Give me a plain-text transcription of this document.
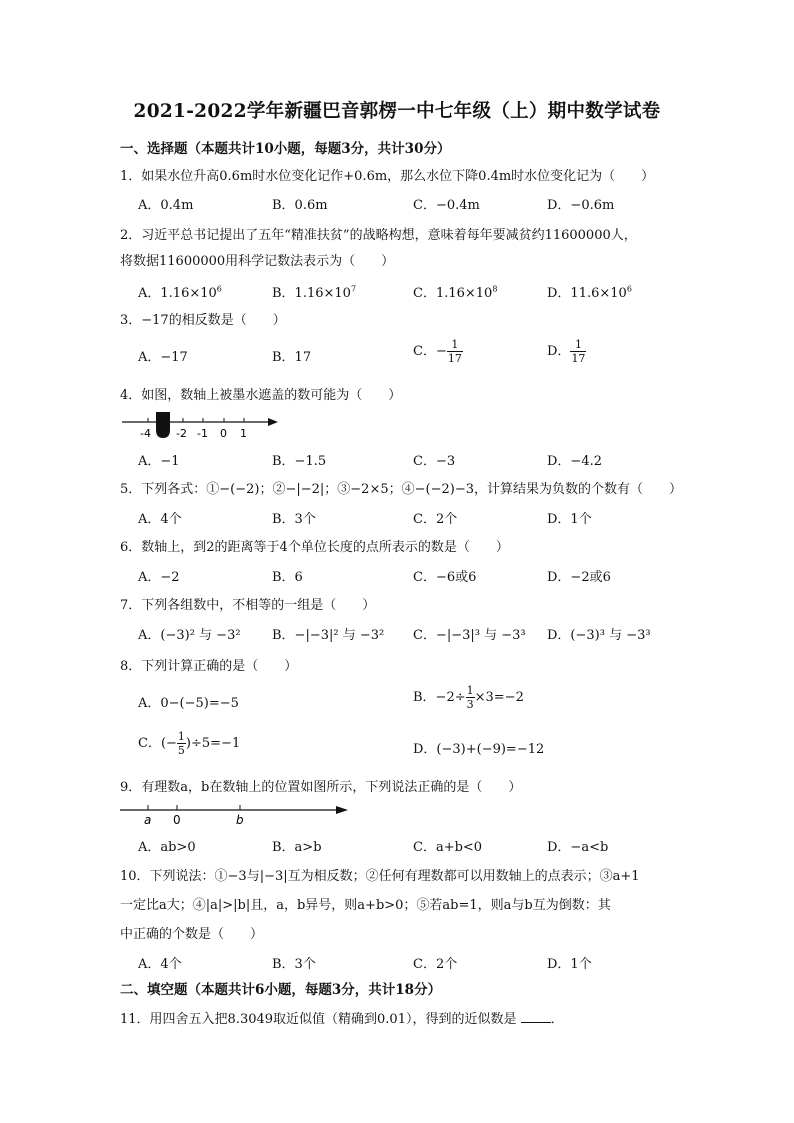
2021-2022学年新疆巴音郭楞一中七年级（上）期中数学试卷
一、选择题（本题共计10小题，每题3分，共计30分）
1．如果水位升高0.6m时水位变化记作+0.6m，那么水位下降0.4m时水位变化记为（　　）
A．0.4m	B．0.6m	C．−0.4m	D．−0.6m
2．习近平总书记提出了五年“精准扶贫”的战略构想，意味着每年要减贫约11600000人，
将数据11600000用科学记数法表示为（　　）
A．$1.16\times 10^6$	B．$1.16\times 10^7$	C．$1.16\times 10^8$	D．$11.6\times 10^6$
3．−17的相反数是（　　）
A．−17	B．17	C．− $\frac{1}{17}$	D． $\frac{1}{17}$
4．如图，数轴上被墨水遮盖的数可能为（　　）
-4 -2 -1 0 1
A．−1	B．−1.5	C．−3	D．−4.2
5．下列各式：①−(−2)；②−|−2|；③−2×5；④−(−2)−3，计算结果为负数的个数有（　　）
A．4个	B．3个	C．2个	D．1个
6．数轴上，到2的距离等于4个单位长度的点所表示的数是（　　）
A．−2	B．6	C．−6或6	D．−2或6
7．下列各组数中，不相等的一组是（　　）
A．(−3)² 与 −3² B．−|−3|² 与 −3² C．−|−3|³ 与 −3³ D．(−3)³ 与 −3³
8．下列计算正确的是（　　）
A．0−(−5)=−5	B．$-2\div \frac{1}{3} \times 3=-2$
C．(− $\frac{1}{5} )\div 5=-1$	D．(−3)+(−9)=−12
9．有理数a，b在数轴上的位置如图所示，下列说法正确的是（　　）
a 0	b
A．ab>0	B．a>b	C．a+b<0	D．−a<b
10．下列说法：①−3与|−3|互为相反数；②任何有理数都可以用数轴上的点表示；③a+1
一定比a大；④|a|>|b|且，a，b异号，则a+b>0；⑤若ab=1，则a与b互为倒数：其
中正确的个数是（　　）
A．4个	B．3个	C．2个	D．1个
二、填空题（本题共计6小题，每题3分，共计18分）
11．用四舍五入把8.3049取近似值（精确到0.01），得到的近似数是	．
